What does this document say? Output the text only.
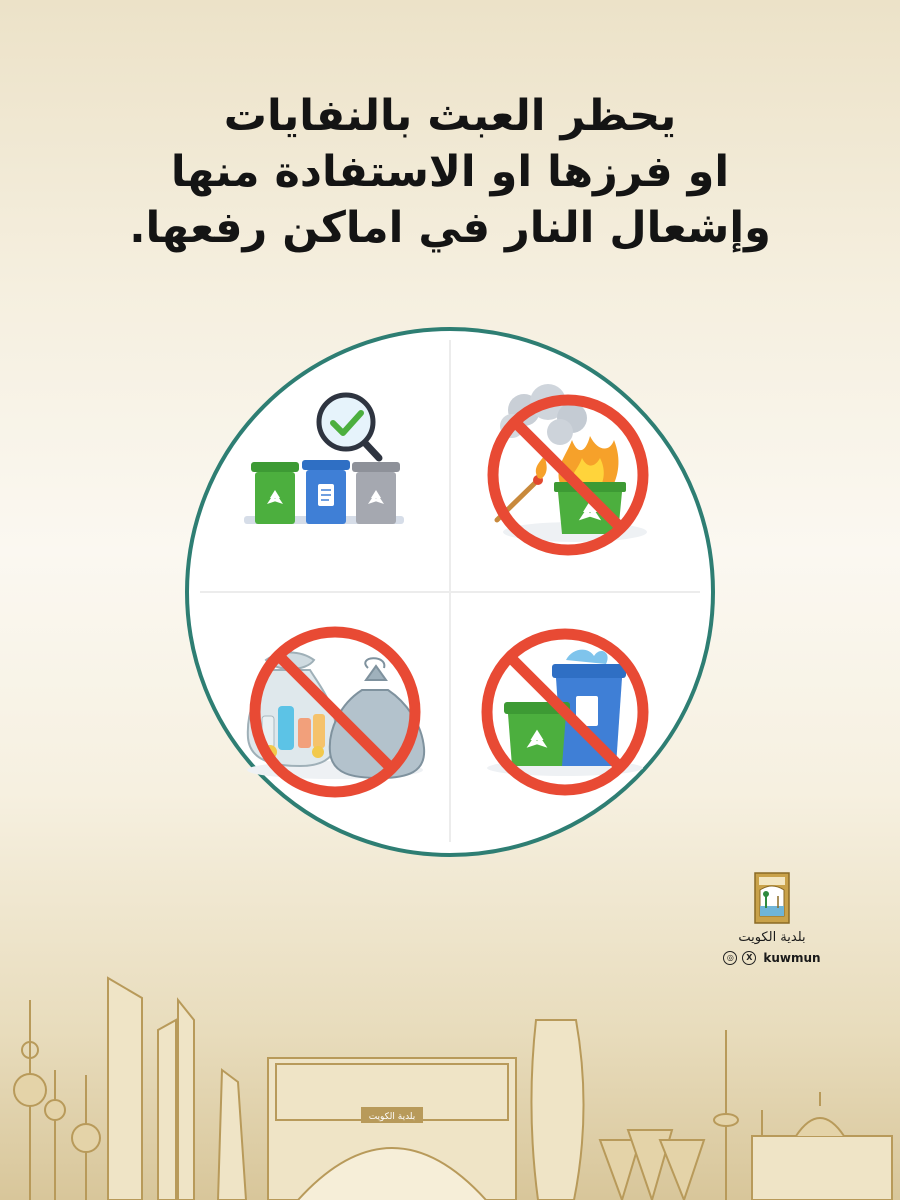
يحظر العبث بالنفايات
او فرزها او الاستفادة منها
وإشعال النار في اماكن رفعها.
بلدية الكويت
◎	X kuwmun
بلدية الكويت
